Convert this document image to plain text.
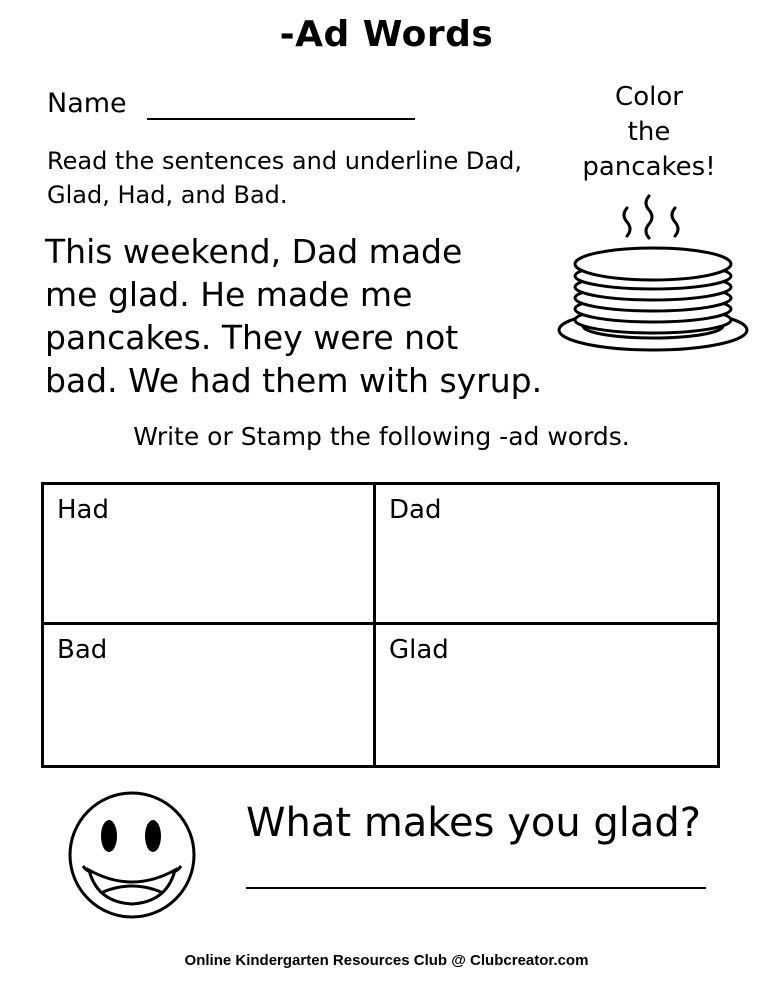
-Ad Words
Name
Read the sentences and underline Dad, Glad, Had, and Bad.
This weekend, Dad made
me glad. He made me
pancakes. They were not
bad. We had them with syrup.
Color
the
pancakes!
Write or Stamp the following -ad words.
Had	Dad
Bad	Glad
What makes you glad?
Online Kindergarten Resources Club @ Clubcreator.com
